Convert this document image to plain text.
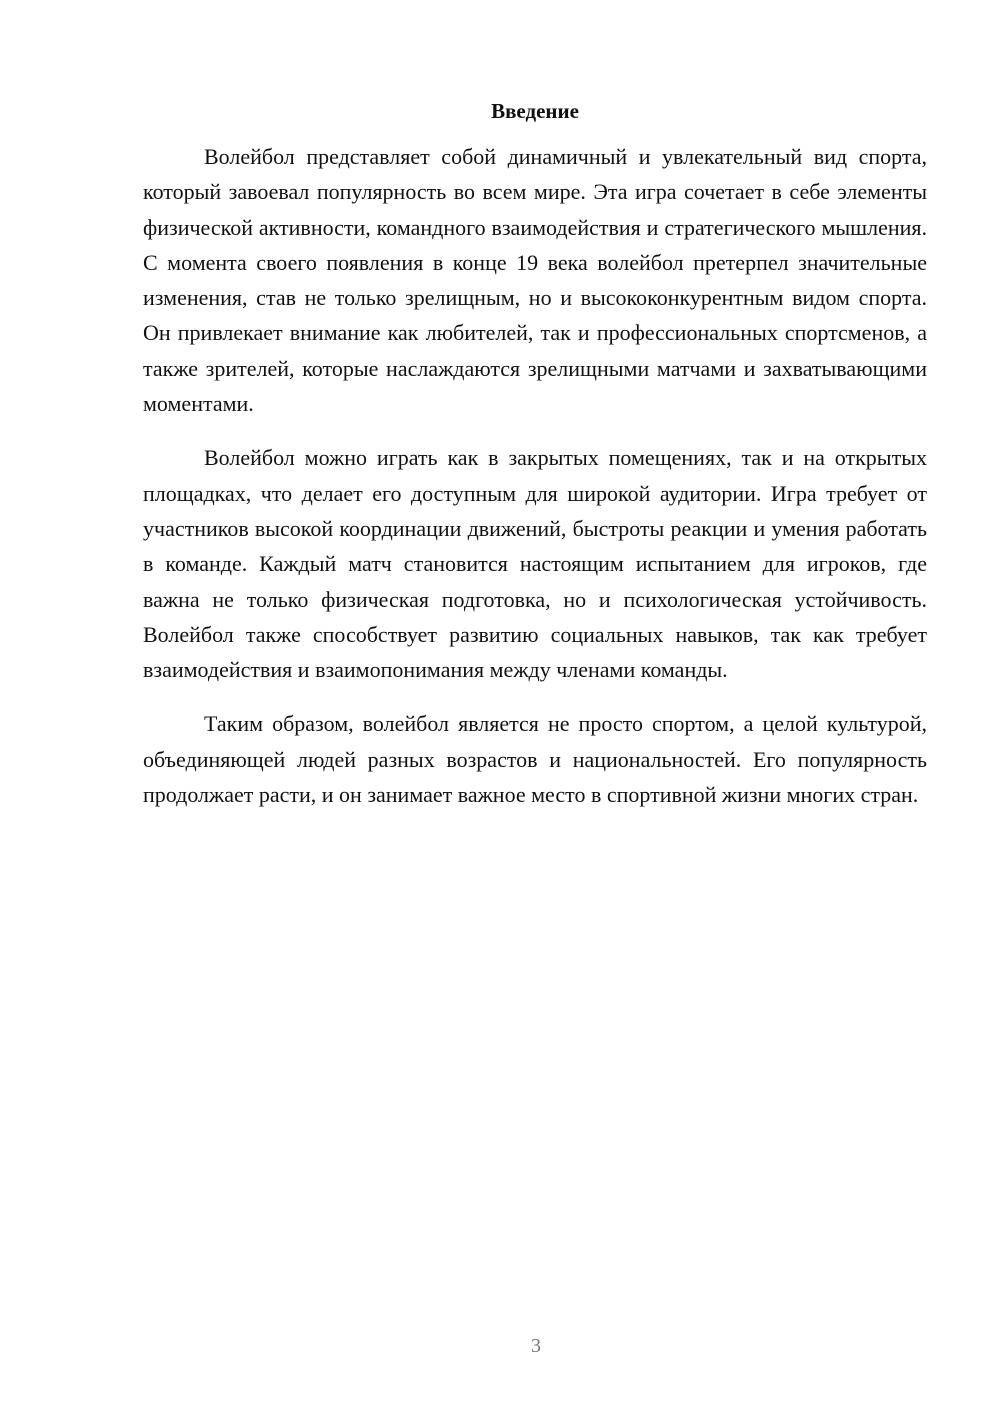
Введение

Волейбол представляет собой динамичный и увлекательный вид спорта, который завоевал популярность во всем мире. Эта игра сочетает в себе элементы физической активности, командного взаимодействия и стратегического мышления. С момента своего появления в конце 19 века волейбол претерпел значительные изменения, став не только зрелищным, но и высококонкурентным видом спорта. Он привлекает внимание как любителей, так и профессиональных спортсменов, а также зрителей, которые наслаждаются зрелищными матчами и захватывающими моментами.

Волейбол можно играть как в закрытых помещениях, так и на открытых площадках, что делает его доступным для широкой аудитории. Игра требует от участников высокой координации движений, быстроты реакции и умения работать в команде. Каждый матч становится настоящим испытанием для игроков, где важна не только физическая подготовка, но и психологическая устойчивость. Волейбол также способствует развитию социальных навыков, так как требует взаимодействия и взаимопонимания между членами команды.

Таким образом, волейбол является не просто спортом, а целой культурой, объединяющей людей разных возрастов и национальностей. Его популярность продолжает расти, и он занимает важное место в спортивной жизни многих стран.

3
